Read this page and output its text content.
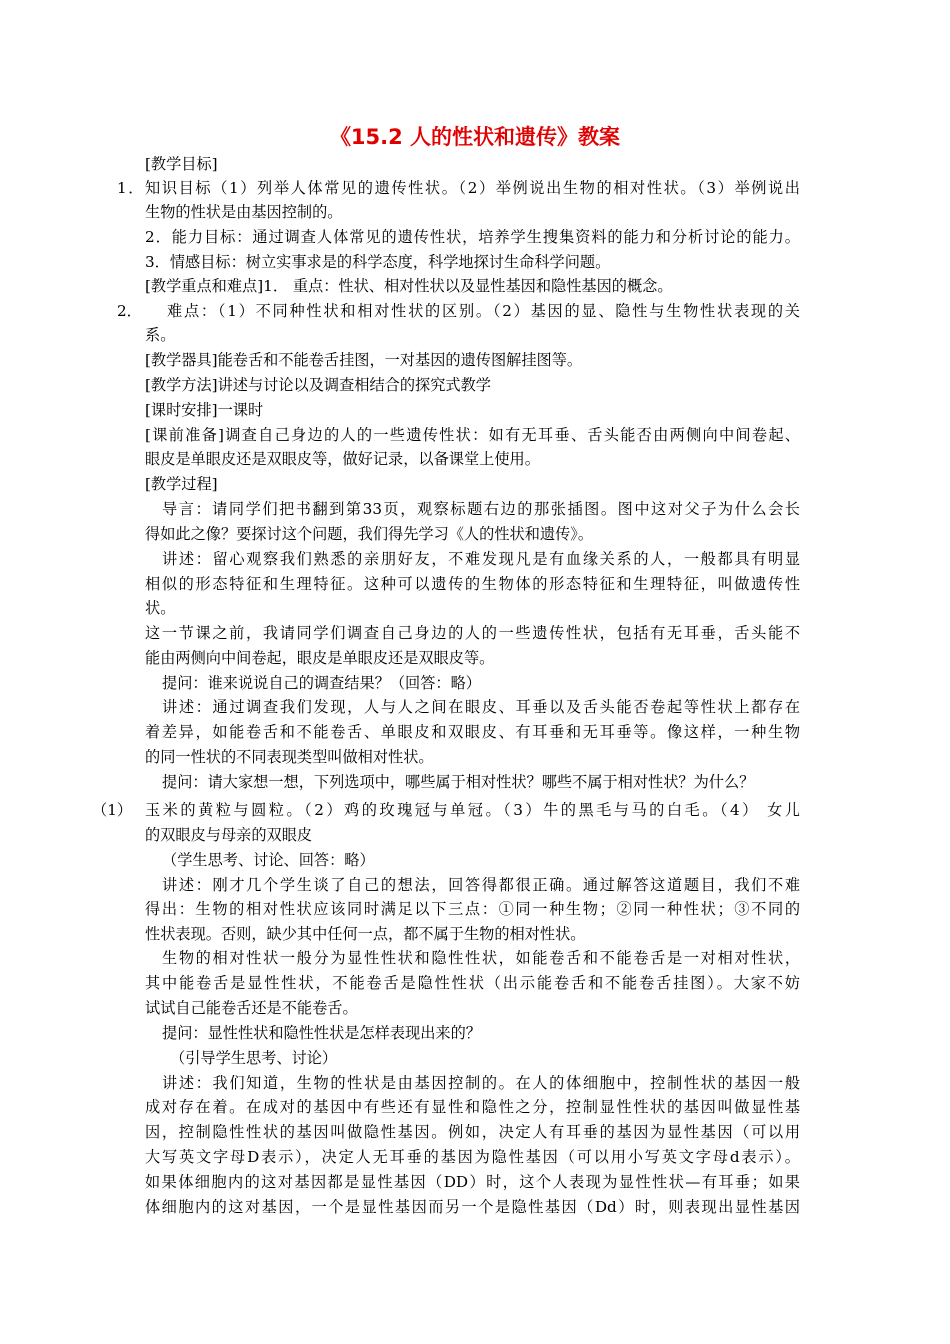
《15.2 人的性状和遗传》教案
[教学目标]
1．知识目标（1）列举人体常见的遗传性状。（2）举例说出生物的相对性状。（3）举例说出
生物的性状是由基因控制的。
2．能力目标：通过调查人体常见的遗传性状，培养学生搜集资料的能力和分析讨论的能力。
3．情感目标：树立实事求是的科学态度，科学地探讨生命科学问题。
[教学重点和难点]1． 重点：性状、相对性状以及显性基因和隐性基因的概念。
难点：（1）不同种性状和相对性状的区别。（2）基因的显、隐性与生物性状表现的关
系。
[教学器具]能卷舌和不能卷舌挂图，一对基因的遗传图解挂图等。
[教学方法]讲述与讨论以及调查相结合的探究式教学
[课时安排]一课时
[课前准备]调查自己身边的人的一些遗传性状：如有无耳垂、舌头能否由两侧向中间卷起、
眼皮是单眼皮还是双眼皮等，做好记录，以备课堂上使用。
[教学过程]
导言：请同学们把书翻到第33页，观察标题右边的那张插图。图中这对父子为什么会长
得如此之像？要探讨这个问题，我们得先学习《人的性状和遗传》。
讲述：留心观察我们熟悉的亲朋好友，不难发现凡是有血缘关系的人，一般都具有明显
相似的形态特征和生理特征。这种可以遗传的生物体的形态特征和生理特征，叫做遗传性
状。
这一节课之前，我请同学们调查自己身边的人的一些遗传性状，包括有无耳垂，舌头能不
能由两侧向中间卷起，眼皮是单眼皮还是双眼皮等。
提问：谁来说说自己的调查结果？（回答：略）
讲述：通过调查我们发现，人与人之间在眼皮、耳垂以及舌头能否卷起等性状上都存在
着差异，如能卷舌和不能卷舌、单眼皮和双眼皮、有耳垂和无耳垂等。像这样，一种生物
的同一性状的不同表现类型叫做相对性状。
提问：请大家想一想，下列选项中，哪些属于相对性状？哪些不属于相对性状？为什么？
玉米的黄粒与圆粒。（2）鸡的玫瑰冠与单冠。（3）牛的黑毛与马的白毛。（4） 女儿
的双眼皮与母亲的双眼皮
（学生思考、讨论、回答：略）
讲述：刚才几个学生谈了自己的想法，回答得都很正确。通过解答这道题目，我们不难
得出：生物的相对性状应该同时满足以下三点：①同一种生物；②同一种性状；③不同的
性状表现。否则，缺少其中任何一点，都不属于生物的相对性状。
生物的相对性状一般分为显性性状和隐性性状，如能卷舌和不能卷舌是一对相对性状，
其中能卷舌是显性性状，不能卷舌是隐性性状（出示能卷舌和不能卷舌挂图）。大家不妨
试试自己能卷舌还是不能卷舌。
提问：显性性状和隐性性状是怎样表现出来的？
（引导学生思考、讨论）
讲述：我们知道，生物的性状是由基因控制的。在人的体细胞中，控制性状的基因一般
成对存在着。在成对的基因中有些还有显性和隐性之分，控制显性性状的基因叫做显性基
因，控制隐性性状的基因叫做隐性基因。例如，决定人有耳垂的基因为显性基因（可以用
大写英文字母D表示），决定人无耳垂的基因为隐性基因（可以用小写英文字母d表示）。
如果体细胞内的这对基因都是显性基因（DD）时，这个人表现为显性性状—有耳垂；如果
体细胞内的这对基因，一个是显性基因而另一个是隐性基因（Dd）时，则表现出显性基因
2．
（1）
